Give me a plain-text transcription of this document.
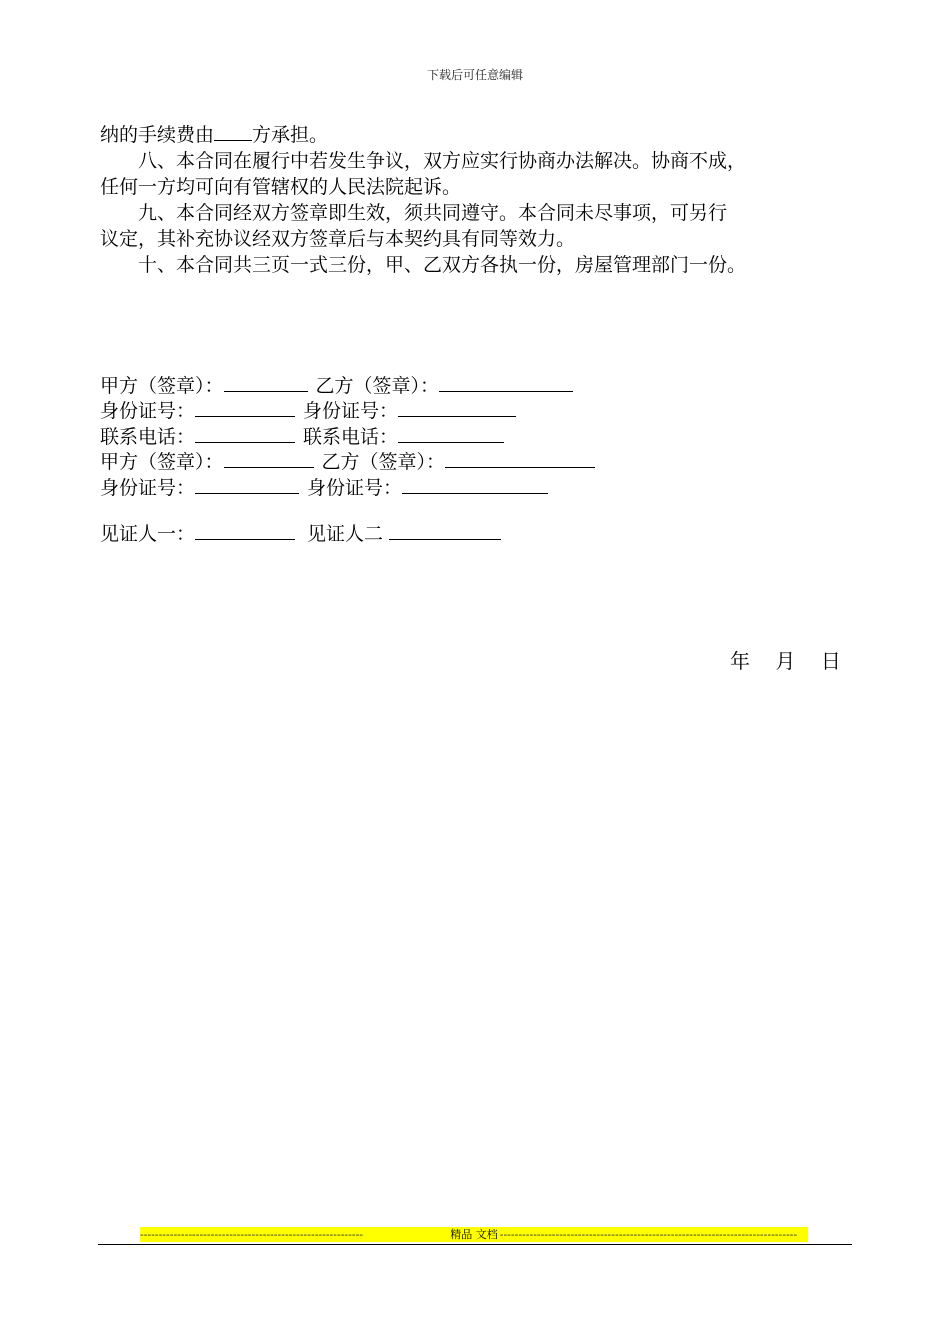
下载后可任意编辑

纳的手续费由 方承担。

八、本合同在履行中若发生争议，双方应实行协商办法解决。协商不成，

任何一方均可向有管辖权的人民法院起诉。

九、本合同经双方签章即生效，须共同遵守。本合同未尽事项，可另行

议定，其补充协议经双方签章后与本契约具有同等效力。

十、本合同共三页一式三份，甲、乙双方各执一份，房屋管理部门一份。

甲方（签章）：	乙方（签章）：
身份证号：	身份证号：
联系电话：	联系电话：
甲方（签章）：	乙方（签章）：
身份证号：	身份证号：
见证人一：	见证人二
年    月    日
------------------------------------------------------------	精品 文档 --------------------------------------------------------------------------------
